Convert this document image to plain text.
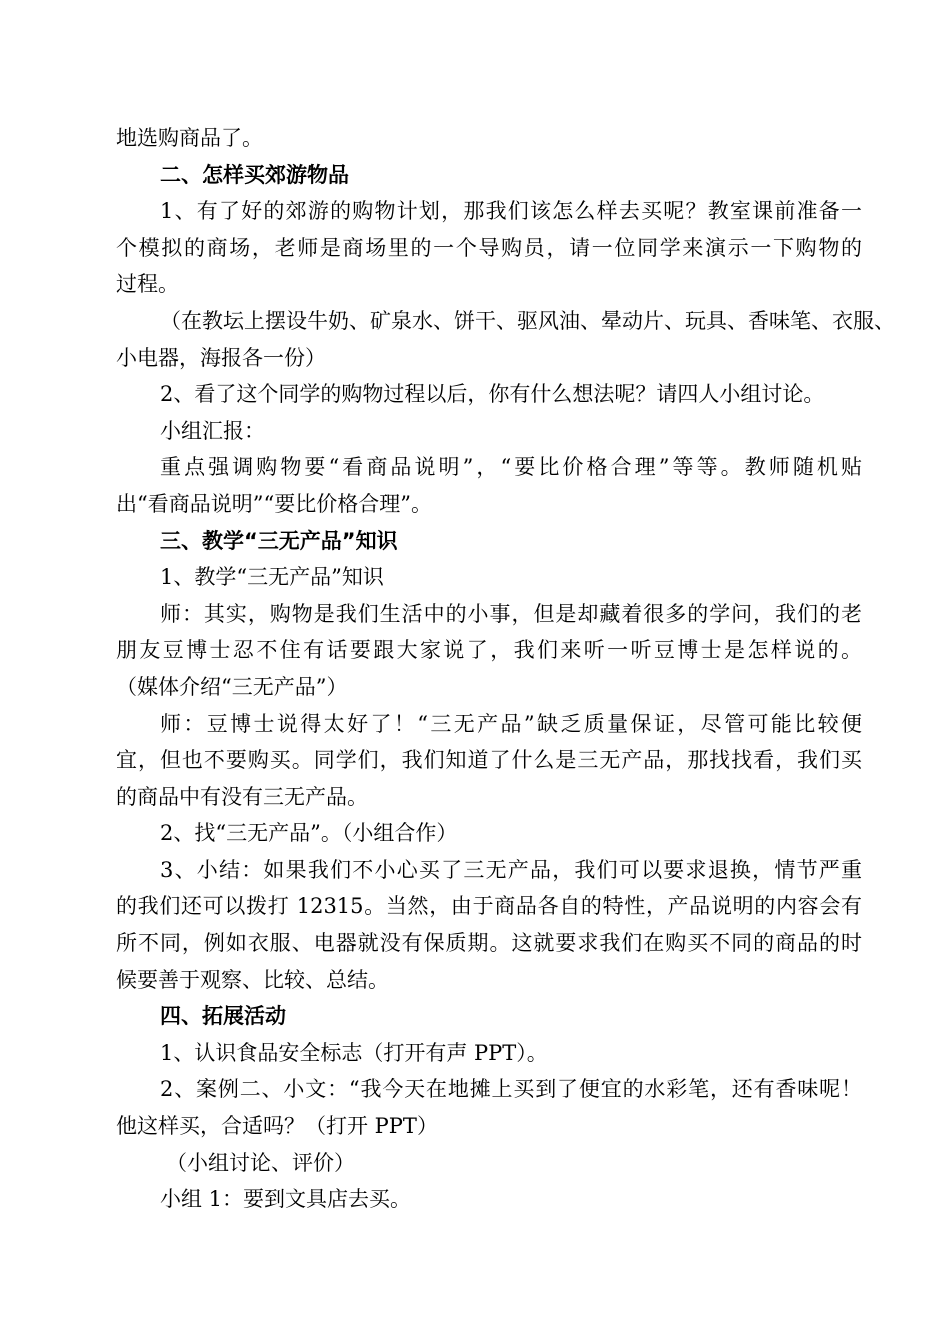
地选购商品了。
二、怎样买郊游物品
1、有了好的郊游的购物计划，那我们该怎么样去买呢？教室课前准备一
个模拟的商场，老师是商场里的一个导购员，请一位同学来演示一下购物的
过程。
（在教坛上摆设牛奶、矿泉水、饼干、驱风油、晕动片、玩具、香味笔、衣服、
小电器，海报各一份）
2、看了这个同学的购物过程以后，你有什么想法呢？请四人小组讨论。
小组汇报：
重点强调购物要“看商品说明”，“要比价格合理”等等。教师随机贴
出“看商品说明”“要比价格合理”。
三、教学“三无产品”知识
1、教学“三无产品”知识
师：其实，购物是我们生活中的小事，但是却藏着很多的学问，我们的老
朋友豆博士忍不住有话要跟大家说了，我们来听一听豆博士是怎样说的。
（媒体介绍“三无产品”）
师：豆博士说得太好了！“三无产品”缺乏质量保证，尽管可能比较便
宜，但也不要购买。同学们，我们知道了什么是三无产品，那找找看，我们买
的商品中有没有三无产品。
2、找“三无产品”。（小组合作）
3、小结：如果我们不小心买了三无产品，我们可以要求退换，情节严重
的我们还可以拨打 12315。当然，由于商品各自的特性，产品说明的内容会有
所不同，例如衣服、电器就没有保质期。这就要求我们在购买不同的商品的时
候要善于观察、比较、总结。
四、拓展活动
1、认识食品安全标志（打开有声 PPT）。
2、案例二、小文：“我今天在地摊上买到了便宜的水彩笔，还有香味呢！
他这样买，合适吗？（打开 PPT）
（小组讨论、评价）
小组 1：要到文具店去买。
